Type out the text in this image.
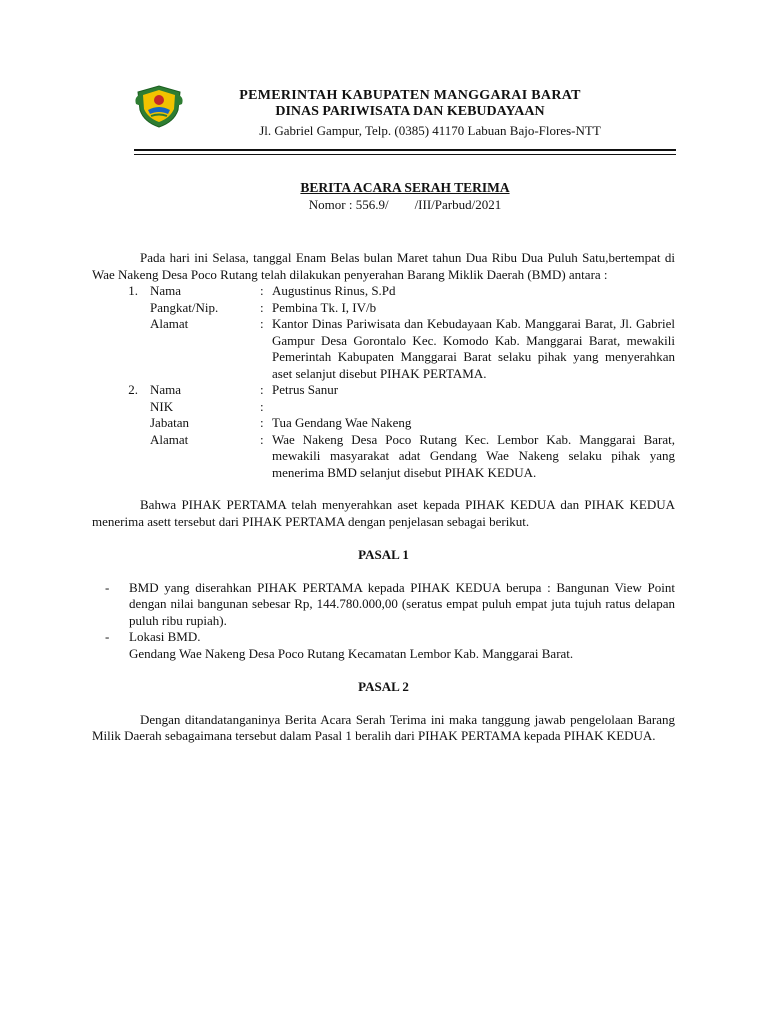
PEMERINTAH KABUPATEN MANGGARAI BARAT
DINAS PARIWISATA DAN KEBUDAYAAN
Jl. Gabriel Gampur, Telp. (0385) 41170 Labuan Bajo-Flores-NTT
BERITA ACARA SERAH TERIMA
Nomor : 556.9/        /III/Parbud/2021

Pada hari ini Selasa, tanggal Enam Belas bulan Maret tahun Dua Ribu Dua Puluh Satu,bertempat di Wae Nakeng Desa Poco Rutang telah dilakukan penyerahan Barang Miklik Daerah (BMD) antara :

1. Nama	: Augustinus Rinus, S.Pd
Pangkat/Nip.	: Pembina Tk. I, IV/b
Alamat	: Kantor Dinas Pariwisata dan Kebudayaan Kab. Manggarai Barat, Jl. Gabriel Gampur Desa Gorontalo Kec. Komodo Kab. Manggarai Barat, mewakili Pemerintah Kabupaten Manggarai Barat selaku pihak yang menyerahkan aset selanjut disebut PIHAK PERTAMA.
2. Nama	: Petrus Sanur
NIK	:
Jabatan	: Tua Gendang Wae Nakeng
Alamat	: Wae Nakeng Desa Poco Rutang Kec. Lembor Kab. Manggarai Barat, mewakili masyarakat adat Gendang Wae Nakeng selaku pihak yang menerima BMD selanjut disebut PIHAK KEDUA.

Bahwa PIHAK PERTAMA telah menyerahkan aset kepada PIHAK KEDUA dan PIHAK KEDUA menerima asett tersebut dari PIHAK PERTAMA dengan penjelasan sebagai berikut.

PASAL 1

-	BMD yang diserahkan PIHAK PERTAMA kepada PIHAK KEDUA berupa : Bangunan View Point dengan nilai bangunan sebesar Rp, 144.780.000,00 (seratus empat puluh empat juta tujuh ratus delapan puluh ribu rupiah).
-	Lokasi BMD.
Gendang Wae Nakeng Desa Poco Rutang Kecamatan Lembor Kab. Manggarai Barat.

PASAL 2

Dengan ditandatanganinya Berita Acara Serah Terima ini maka tanggung jawab pengelolaan Barang Milik Daerah sebagaimana tersebut dalam Pasal 1 beralih dari PIHAK PERTAMA kepada PIHAK KEDUA.
